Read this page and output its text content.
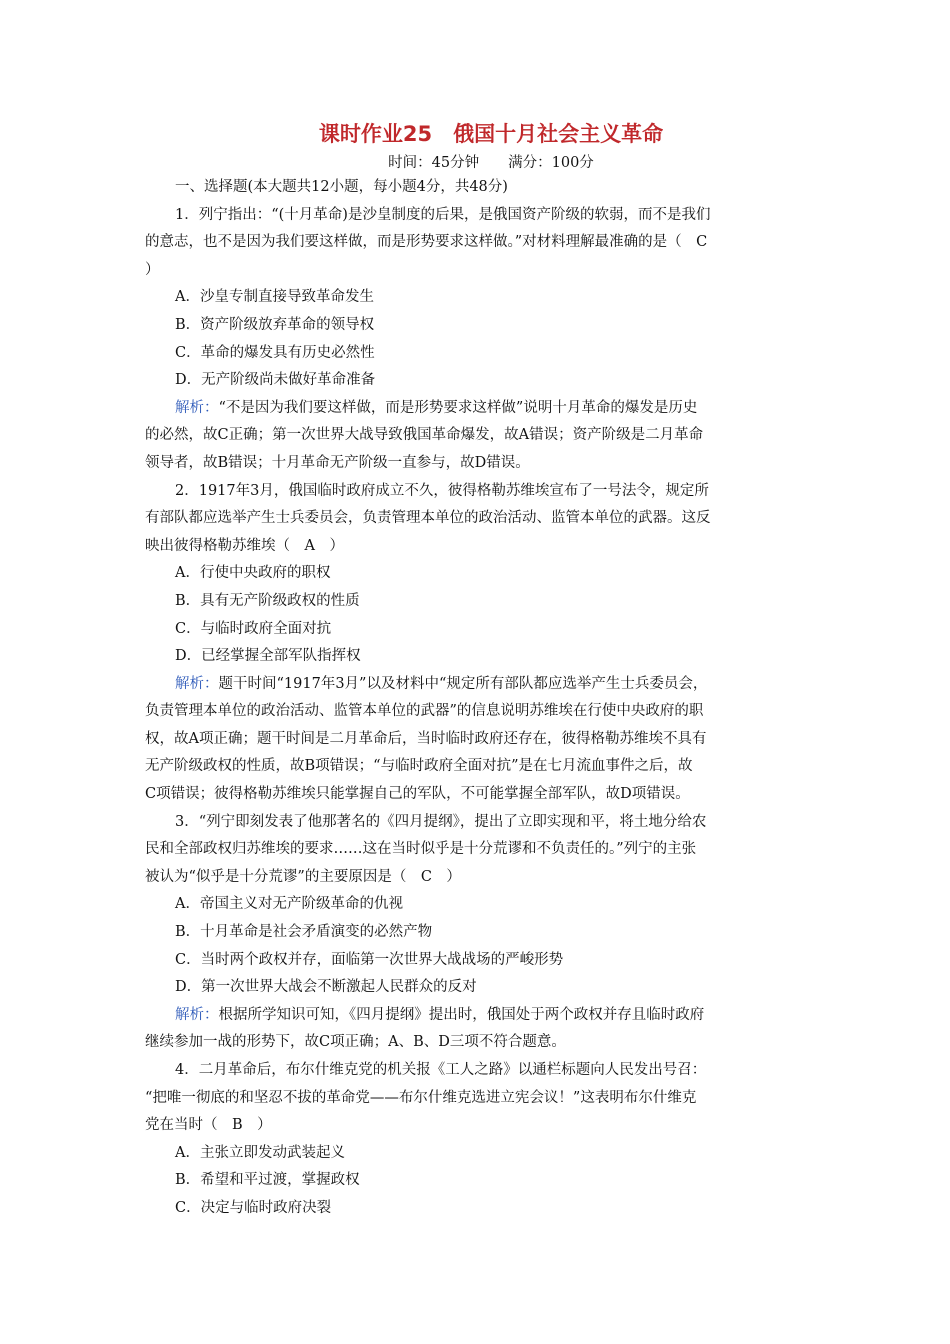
课时作业25　俄国十月社会主义革命
时间：45分钟　　满分：100分
一、选择题(本大题共12小题，每小题4分，共48分)
1．列宁指出：“(十月革命)是沙皇制度的后果，是俄国资产阶级的软弱，而不是我们
的意志，也不是因为我们要这样做，而是形势要求这样做。”对材料理解最准确的是（　C
）
A．沙皇专制直接导致革命发生
B．资产阶级放弃革命的领导权
C．革命的爆发具有历史必然性
D．无产阶级尚未做好革命准备
解析：“不是因为我们要这样做，而是形势要求这样做”说明十月革命的爆发是历史
的必然，故C正确；第一次世界大战导致俄国革命爆发，故A错误；资产阶级是二月革命
领导者，故B错误；十月革命无产阶级一直参与，故D错误。
2．1917年3月，俄国临时政府成立不久，彼得格勒苏维埃宣布了一号法令，规定所
有部队都应选举产生士兵委员会，负责管理本单位的政治活动、监管本单位的武器。这反
映出彼得格勒苏维埃（　A　）
A．行使中央政府的职权
B．具有无产阶级政权的性质
C．与临时政府全面对抗
D．已经掌握全部军队指挥权
解析：题干时间“1917年3月”以及材料中“规定所有部队都应选举产生士兵委员会，
负责管理本单位的政治活动、监管本单位的武器”的信息说明苏维埃在行使中央政府的职
权，故A项正确；题干时间是二月革命后，当时临时政府还存在，彼得格勒苏维埃不具有
无产阶级政权的性质，故B项错误；“与临时政府全面对抗”是在七月流血事件之后，故
C项错误；彼得格勒苏维埃只能掌握自己的军队，不可能掌握全部军队，故D项错误。
3．“列宁即刻发表了他那著名的《四月提纲》，提出了立即实现和平，将土地分给农
民和全部政权归苏维埃的要求……这在当时似乎是十分荒谬和不负责任的。”列宁的主张
被认为“似乎是十分荒谬”的主要原因是（　C　）
A．帝国主义对无产阶级革命的仇视
B．十月革命是社会矛盾演变的必然产物
C．当时两个政权并存，面临第一次世界大战战场的严峻形势
D．第一次世界大战会不断激起人民群众的反对
解析：根据所学知识可知，《四月提纲》提出时，俄国处于两个政权并存且临时政府
继续参加一战的形势下，故C项正确；A、B、D三项不符合题意。
4．二月革命后，布尔什维克党的机关报《工人之路》以通栏标题向人民发出号召：
“把唯一彻底的和坚忍不拔的革命党——布尔什维克选进立宪会议！”这表明布尔什维克
党在当时（　B　）
A．主张立即发动武装起义
B．希望和平过渡，掌握政权
C．决定与临时政府决裂
